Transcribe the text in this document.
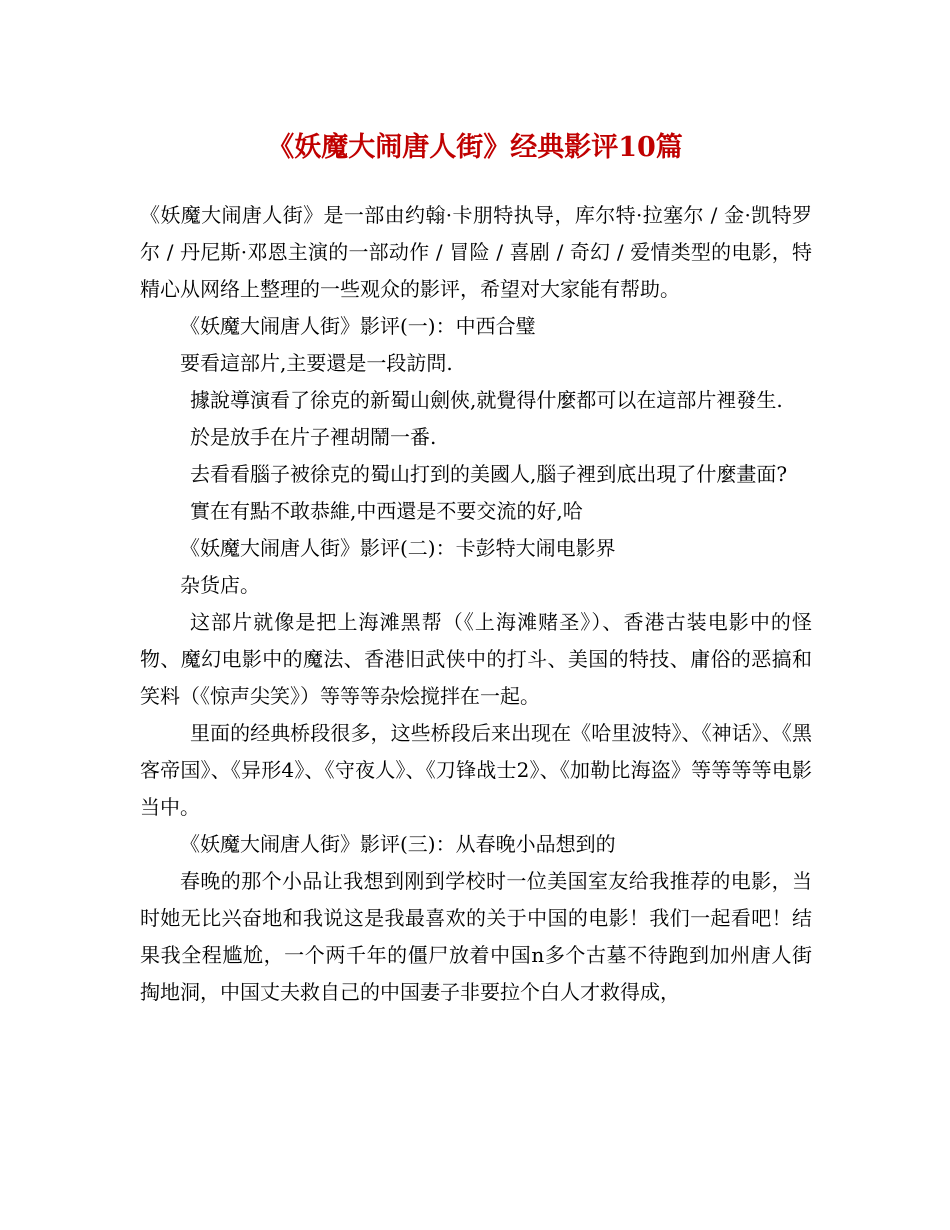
《妖魔大闹唐人街》经典影评10篇

《妖魔大闹唐人街》是一部由约翰·卡朋特执导，库尔特·拉塞尔 / 金·凯特罗尔 / 丹尼斯·邓恩主演的一部动作 / 冒险 / 喜剧 / 奇幻 / 爱情类型的电影，特精心从网络上整理的一些观众的影评，希望对大家能有帮助。

《妖魔大闹唐人街》影评(一)：中西合璧

要看這部片,主要還是一段訪問.

據說導演看了徐克的新蜀山劍俠,就覺得什麼都可以在這部片裡發生.

於是放手在片子裡胡鬧一番.

去看看腦子被徐克的蜀山打到的美國人,腦子裡到底出現了什麼畫面?

實在有點不敢恭維,中西還是不要交流的好,哈

《妖魔大闹唐人街》影评(二)：卡彭特大闹电影界

杂货店。

这部片就像是把上海滩黑帮（《上海滩赌圣》）、香港古装电影中的怪物、魔幻电影中的魔法、香港旧武侠中的打斗、美国的特技、庸俗的恶搞和笑料（《惊声尖笑》）等等等杂烩搅拌在一起。

里面的经典桥段很多，这些桥段后来出现在《哈里波特》、《神话》、《黑客帝国》、《异形4》、《守夜人》、《刀锋战士2》、《加勒比海盗》等等等等电影当中。

《妖魔大闹唐人街》影评(三)：从春晚小品想到的

春晚的那个小品让我想到刚到学校时一位美国室友给我推荐的电影，当时她无比兴奋地和我说这是我最喜欢的关于中国的电影！我们一起看吧！结果我全程尴尬，一个两千年的僵尸放着中国n多个古墓不待跑到加州唐人街掏地洞，中国丈夫救自己的中国妻子非要拉个白人才救得成，
